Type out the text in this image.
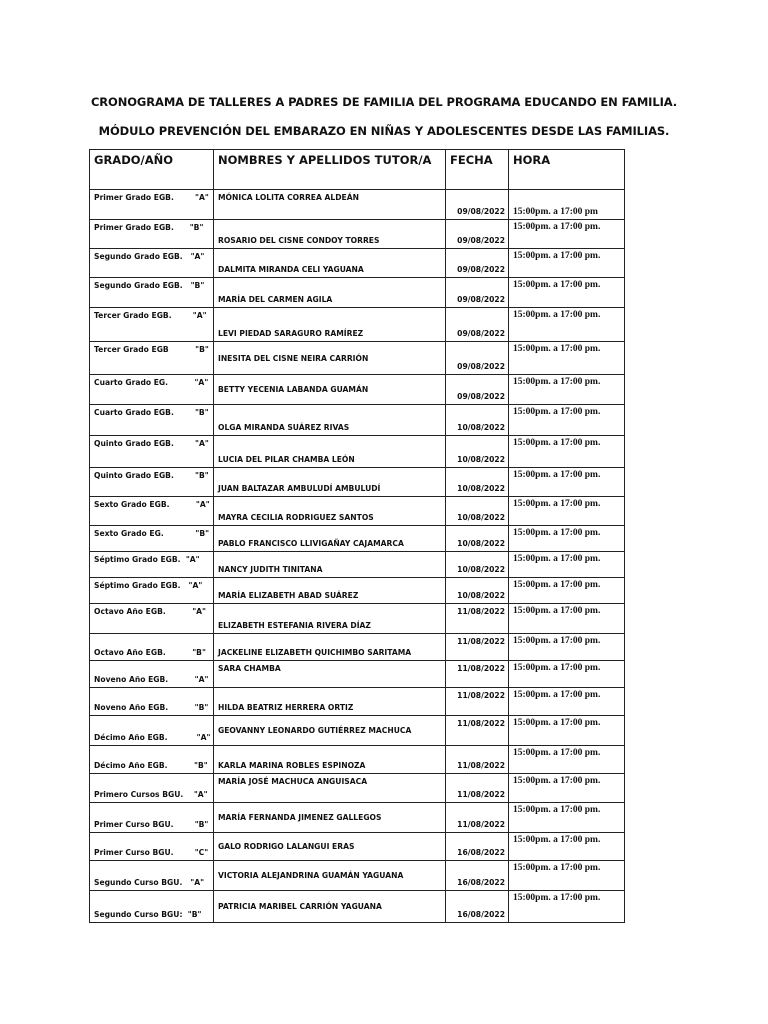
CRONOGRAMA DE TALLERES A PADRES DE FAMILIA DEL PROGRAMA EDUCANDO EN FAMILIA.
MÓDULO PREVENCIÓN DEL EMBARAZO EN NIÑAS Y ADOLESCENTES DESDE LAS FAMILIAS.
GRADO/AÑO	NOMBRES Y APELLIDOS TUTOR/A	FECHA	HORA
Primer Grado EGB.        "A"	MÓNICA LOLITA CORREA ALDEÁN	09/08/2022	15:00pm. a 17:00 pm
Primer Grado EGB.      "B"	ROSARIO DEL CISNE CONDOY TORRES	09/08/2022	15:00pm. a 17:00 pm.
Segundo Grado EGB.   "A"	DALMITA MIRANDA CELI YAGUANA	09/08/2022	15:00pm. a 17:00 pm.
Segundo Grado EGB.   "B"	MARÍA DEL CARMEN AGILA	09/08/2022	15:00pm. a 17:00 pm.
Tercer Grado EGB.        "A"	LEVI PIEDAD SARAGURO RAMÍREZ	09/08/2022	15:00pm. a 17:00 pm.
Tercer Grado EGB          "B"	INESITA DEL CISNE NEIRA CARRIÓN	09/08/2022	15:00pm. a 17:00 pm.
Cuarto Grado EG.          "A"	BETTY YECENIA LABANDA GUAMÁN	09/08/2022	15:00pm. a 17:00 pm.
Cuarto Grado EGB.        "B"	OLGA MIRANDA SUÁREZ RIVAS	10/08/2022	15:00pm. a 17:00 pm.
Quinto Grado EGB.        "A"	LUCIA DEL PILAR CHAMBA LEÓN	10/08/2022	15:00pm. a 17:00 pm.
Quinto Grado EGB.        "B"	JUAN BALTAZAR AMBULUDÍ AMBULUDÍ	10/08/2022	15:00pm. a 17:00 pm.
Sexto Grado EGB.          "A"	MAYRA CECILIA RODRIGUEZ SANTOS	10/08/2022	15:00pm. a 17:00 pm.
Sexto Grado EG.            "B"	PABLO FRANCISCO LLIVIGAÑAY CAJAMARCA	10/08/2022	15:00pm. a 17:00 pm.
Séptimo Grado EGB.  "A"	NANCY JUDITH TINITANA	10/08/2022	15:00pm. a 17:00 pm.
Séptimo Grado EGB.   "A"	MARÍA ELIZABETH ABAD SUÁREZ	10/08/2022	15:00pm. a 17:00 pm.
Octavo Año EGB.          "A"	ELIZABETH ESTEFANIA RIVERA DÍAZ	11/08/2022	15:00pm. a 17:00 pm.
Octavo Año EGB.          "B"	JACKELINE ELIZABETH QUICHIMBO SARITAMA	11/08/2022	15:00pm. a 17:00 pm.
Noveno Año EGB.          "A"	SARA CHAMBA	11/08/2022	15:00pm. a 17:00 pm.
Noveno Año EGB.          "B"	HILDA BEATRIZ HERRERA ORTIZ	11/08/2022	15:00pm. a 17:00 pm.
Décimo Año EGB.           "A"	GEOVANNY LEONARDO GUTIÉRREZ MACHUCA	11/08/2022	15:00pm. a 17:00 pm.
Décimo Año EGB.          "B"	KARLA MARINA ROBLES ESPINOZA	11/08/2022	15:00pm. a 17:00 pm.
Primero Cursos BGU.    "A"	MARÍA JOSÉ MACHUCA ANGUISACA	11/08/2022	15:00pm. a 17:00 pm.
Primer Curso BGU.        "B"	MARÍA FERNANDA JIMENEZ GALLEGOS	11/08/2022	15:00pm. a 17:00 pm.
Primer Curso BGU.        "C"	GALO RODRIGO LALANGUI ERAS	16/08/2022	15:00pm. a 17:00 pm.
Segundo Curso BGU.   "A"	VICTORIA ALEJANDRINA GUAMÁN YAGUANA	16/08/2022	15:00pm. a 17:00 pm.
Segundo Curso BGU:  "B"	PATRICIA MARIBEL CARRIÓN YAGUANA	16/08/2022	15:00pm. a 17:00 pm.
